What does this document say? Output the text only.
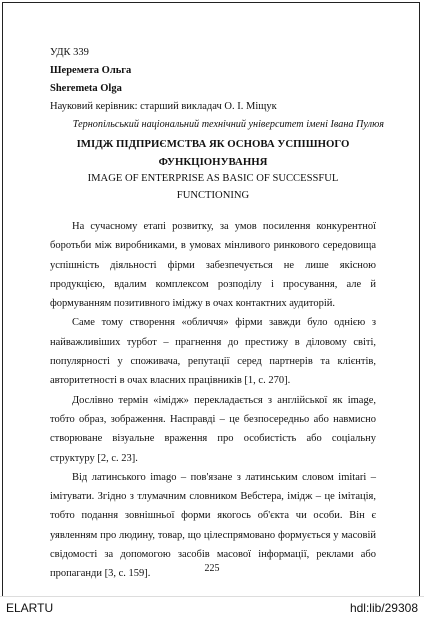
УДК 339
Шеремета Ольга
Sheremeta Olga
Науковий керівник: старший викладач О. І. Міщук
Тернопільський національний технічний університет імені Івана Пулюя
ІМІДЖ ПІДПРИЄМСТВА ЯК ОСНОВА УСПІШНОГО
ФУНКЦІОНУВАННЯ
IMAGE OF ENTERPRISE AS BASIC OF SUCCESSFUL
FUNCTIONING

На сучасному етапі розвитку, за умов посилення конкурентної боротьби між виробниками, в умовах мінливого ринкового середовища успішність діяльності фірми забезпечується не лише якісною продукцією, вдалим комплексом розподілу і просування, але й формуванням позитивного іміджу в очах контактних аудиторій.

Саме тому створення «обличчя» фірми завжди було однією з найважливіших турбот – прагнення до престижу в діловому світі, популярності у споживача, репутації серед партнерів та клієнтів, авторитетності в очах власних працівників [1, с. 270].

Дослівно термін «імідж» перекладається з англійської як image, тобто образ, зображення. Насправді – це безпосередньо або навмисно створюване візуальне враження про особистість або соціальну структуру [2, с. 23].

Від латинського imago – пов'язане з латинським словом imitari – імітувати. Згідно з тлумачним словником Вебстера, імідж – це імітація, тобто подання зовнішньої форми якогось об'єкта чи особи. Він є уявленням про людину, товар, що цілеспрямовано формується у масовій свідомості за допомогою засобів масової інформації, реклами або пропаганди [3, с. 159].	225
ELARTU	hdl:lib/29308
